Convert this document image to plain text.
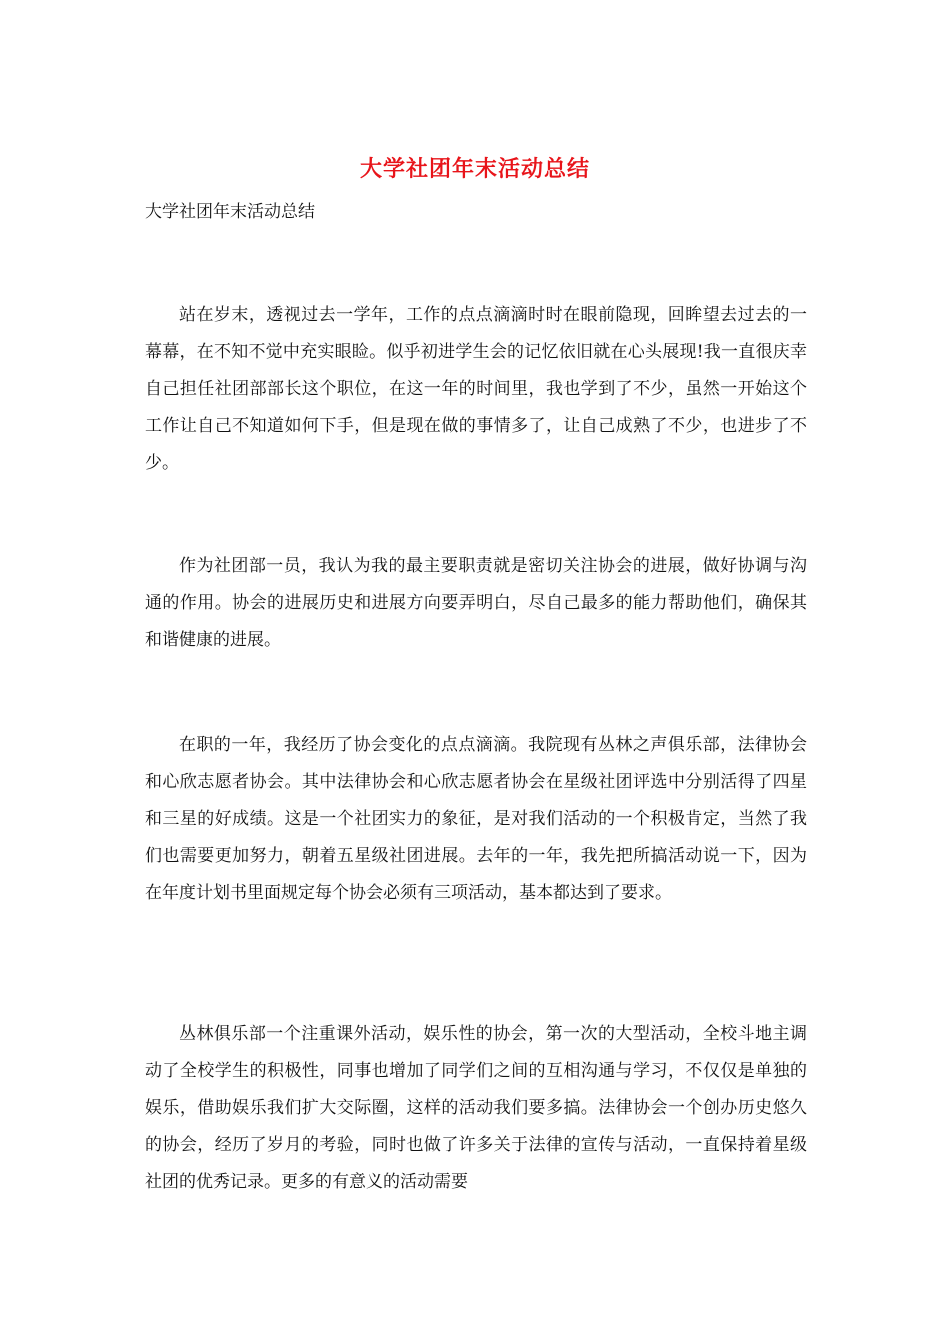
大学社团年末活动总结

大学社团年末活动总结

站在岁末，透视过去一学年，工作的点点滴滴时时在眼前隐现，回眸望去过去的一幕幕，在不知不觉中充实眼睑。似乎初进学生会的记忆依旧就在心头展现!我一直很庆幸自己担任社团部部长这个职位，在这一年的时间里，我也学到了不少，虽然一开始这个工作让自己不知道如何下手，但是现在做的事情多了，让自己成熟了不少，也进步了不少。

作为社团部一员，我认为我的最主要职责就是密切关注协会的进展，做好协调与沟通的作用。协会的进展历史和进展方向要弄明白，尽自己最多的能力帮助他们，确保其和谐健康的进展。

在职的一年，我经历了协会变化的点点滴滴。我院现有丛林之声俱乐部，法律协会和心欣志愿者协会。其中法律协会和心欣志愿者协会在星级社团评选中分别活得了四星和三星的好成绩。这是一个社团实力的象征，是对我们活动的一个积极肯定，当然了我们也需要更加努力，朝着五星级社团进展。去年的一年，我先把所搞活动说一下，因为在年度计划书里面规定每个协会必须有三项活动，基本都达到了要求。

丛林俱乐部一个注重课外活动，娱乐性的协会，第一次的大型活动，全校斗地主调动了全校学生的积极性，同事也增加了同学们之间的互相沟通与学习，不仅仅是单独的娱乐，借助娱乐我们扩大交际圈，这样的活动我们要多搞。法律协会一个创办历史悠久的协会，经历了岁月的考验，同时也做了许多关于法律的宣传与活动，一直保持着星级社团的优秀记录。更多的有意义的活动需要
